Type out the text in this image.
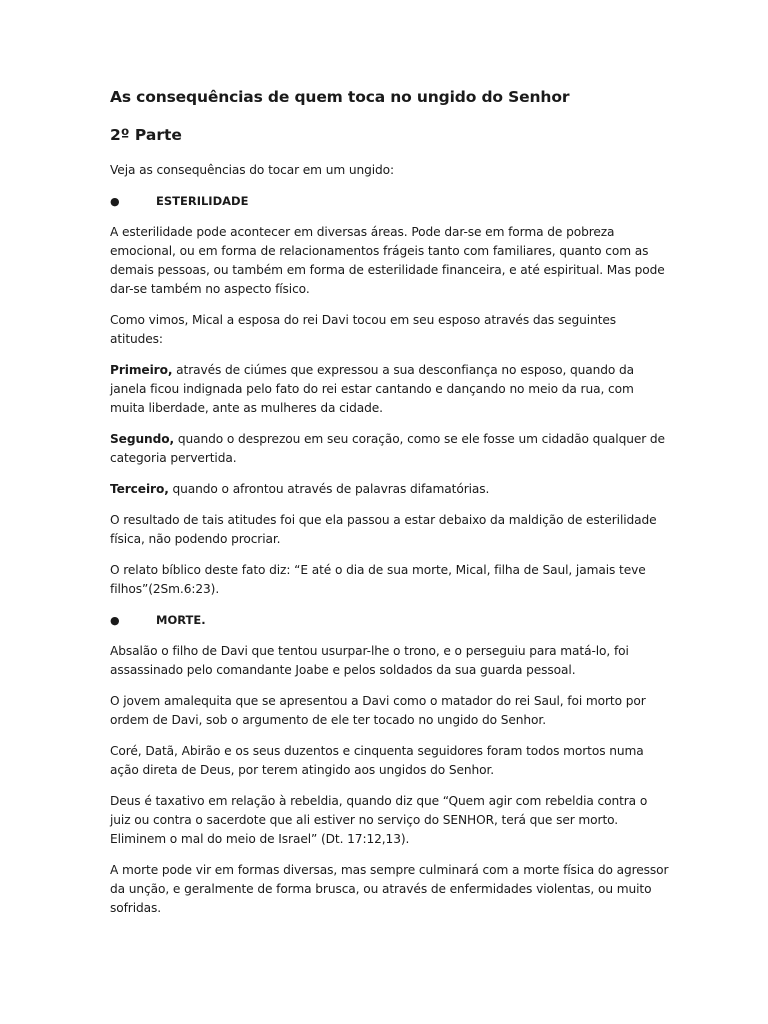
As consequências de quem toca no ungido do Senhor
2º Parte

Veja as consequências do tocar em um ungido:

●	ESTERILIDADE

A esterilidade pode acontecer em diversas áreas. Pode dar-se em forma de pobreza emocional, ou em forma de relacionamentos frágeis tanto com familiares, quanto com as demais pessoas, ou também em forma de esterilidade financeira, e até espiritual. Mas pode dar-se também no aspecto físico.

Como vimos, Mical a esposa do rei Davi tocou em seu esposo através das seguintes atitudes:

Primeiro, através de ciúmes que expressou a sua desconfiança no esposo, quando da janela ficou indignada pelo fato do rei estar cantando e dançando no meio da rua, com muita liberdade, ante as mulheres da cidade.

Segundo, quando o desprezou em seu coração, como se ele fosse um cidadão qualquer de categoria pervertida.

Terceiro, quando o afrontou através de palavras difamatórias.

O resultado de tais atitudes foi que ela passou a estar debaixo da maldição de esterilidade física, não podendo procriar.

O relato bíblico deste fato diz: “E até o dia de sua morte, Mical, filha de Saul, jamais teve filhos”(2Sm.6:23).

●	MORTE.

Absalão o filho de Davi que tentou usurpar-lhe o trono, e o perseguiu para matá-lo, foi assassinado pelo comandante Joabe e pelos soldados da sua guarda pessoal.

O jovem amalequita que se apresentou a Davi como o matador do rei Saul, foi morto por ordem de Davi, sob o argumento de ele ter tocado no ungido do Senhor.

Coré, Datã, Abirão e os seus duzentos e cinquenta seguidores foram todos mortos numa ação direta de Deus, por terem atingido aos ungidos do Senhor.

Deus é taxativo em relação à rebeldia, quando diz que “Quem agir com rebeldia contra o juiz ou contra o sacerdote que ali estiver no serviço do SENHOR, terá que ser morto. Eliminem o mal do meio de Israel” (Dt. 17:12,13).

A morte pode vir em formas diversas, mas sempre culminará com a morte física do agressor da unção, e geralmente de forma brusca, ou através de enfermidades violentas, ou muito sofridas.
